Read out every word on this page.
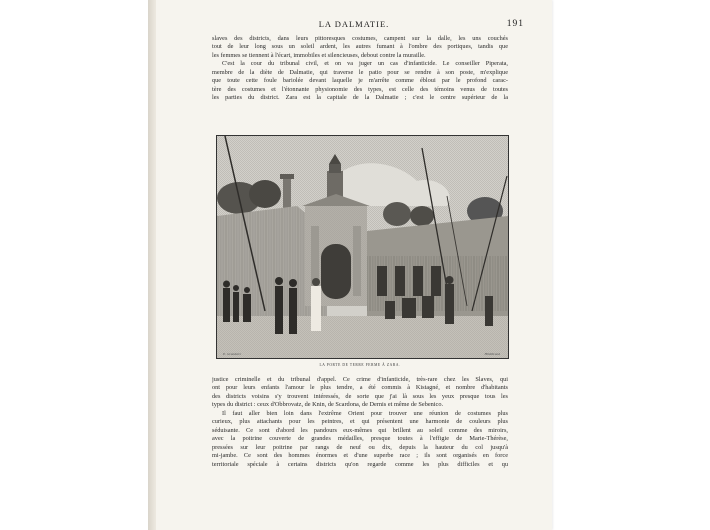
LA DALMATIE.	191
slaves des districts, dans leurs pittoresques costumes, campent sur la dalle, les uns couchés
tout de leur long sous un soleil ardent, les autres fumant à l'ombre des portiques, tandis que
les femmes se tiennent à l'écart, immobiles et silencieuses, debout contre la muraille.
C'est la cour du tribunal civil, et on va juger un cas d'infanticide. Le conseiller Piperata,
membre de la diète de Dalmatie, qui traverse le patio pour se rendre à son poste, m'explique
que toute cette foule bariolée devant laquelle je m'arrête comme ébloui par le profond carac-
tère des costumes et l'étonnante physionomie des types, est celle des témoins venus de toutes
les parties du district. Zara est la capitale de la Dalmatie ; c'est le centre supérieur de la
E. Grandsire	Hildibrand
LA PORTE DE TERRE FERME À ZARA.
justice criminelle et du tribunal d'appel. Ce crime d'infanticide, très-rare chez les Slaves, qui
ont pour leurs enfants l'amour le plus tendre, a été commis à Kistagné, et nombre d'habitants
des districts voisins s'y trouvent intéressés, de sorte que j'ai là sous les yeux presque tous les
types du district : ceux d'Obbrovatz, de Knin, de Scardona, de Dernis et même de Sebenico.
Il faut aller bien loin dans l'extrême Orient pour trouver une réunion de costumes plus
curieux, plus attachants pour les peintres, et qui présentent une harmonie de couleurs plus
séduisante. Ce sont d'abord les pandours eux-mêmes qui brillent au soleil comme des miroirs,
avec la poitrine couverte de grandes médailles, presque toutes à l'effigie de Marie-Thérèse,
pressées sur leur poitrine par rangs de neuf ou dix, depuis la hauteur du col jusqu'à
mi-jambe. Ce sont des hommes énormes et d'une superbe race ; ils sont organisés en force
territoriale spéciale à certains districts qu'on regarde comme les plus difficiles et qu
